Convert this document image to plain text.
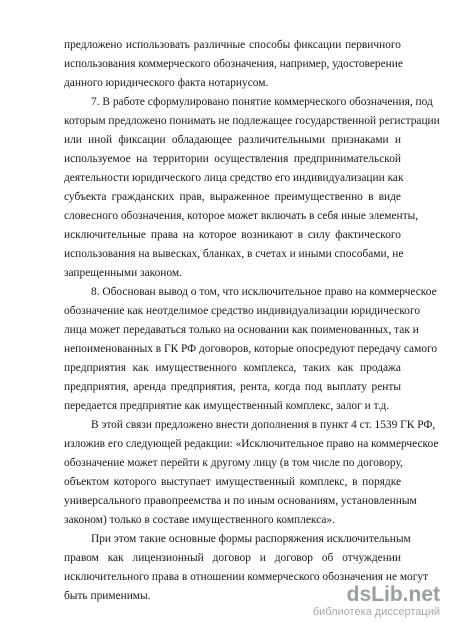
предложено использовать различные способы фиксации первичного
использования коммерческого обозначения, например, удостоверение
данного юридического факта нотариусом.
7. В работе сформулировано понятие коммерческого обозначения, под
которым предложено понимать не подлежащее государственной регистрации
или иной фиксации обладающее различительными признаками и
используемое на территории осуществления предпринимательской
деятельности юридического лица средство его индивидуализации как
субъекта гражданских прав, выраженное преимущественно в виде
словесного обозначения, которое может включать в себя иные элементы,
исключительные права на которое возникают в силу фактического
использования на вывесках, бланках, в счетах и иными способами, не
запрещенными законом.
8. Обоснован вывод о том, что исключительное право на коммерческое
обозначение как неотделимое средство индивидуализации юридического
лица может передаваться только на основании как поименованных, так и
непоименованных в ГК РФ договоров, которые опосредуют передачу самого
предприятия как имущественного комплекса, таких как продажа
предприятия, аренда предприятия, рента, когда под выплату ренты
передается предприятие как имущественный комплекс, залог и т.д.
В этой связи предложено внести дополнения в пункт 4 ст. 1539 ГК РФ,
изложив его следующей редакции: «Исключительное право на коммерческое
обозначение может перейти к другому лицу (в том числе по договору,
объектом которого выступает имущественный комплекс, в порядке
универсального правопреемства и по иным основаниям, установленным
законом) только в составе имущественного комплекса».
При этом такие основные формы распоряжения исключительным
правом как лицензионный договор и договор об отчуждении
исключительного права в отношении коммерческого обозначения не могут
быть применимы.	dsLib.net
библиотека диссертаций
